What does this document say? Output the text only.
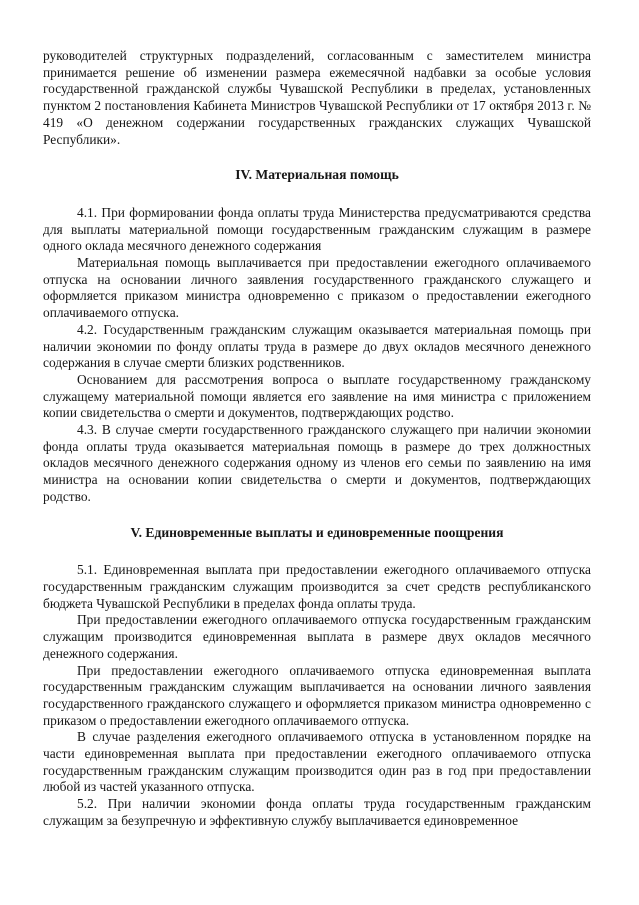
руководителей структурных подразделений, согласованным с заместителем министра принимается решение об изменении размера ежемесячной надбавки за особые условия государственной гражданской службы Чувашской Республики в пределах, установленных пунктом 2 постановления Кабинета Министров Чувашской Республики от 17 октября 2013 г. № 419 «О денежном содержании государственных гражданских служащих Чувашской Республики».

IV. Материальная помощь

4.1. При формировании фонда оплаты труда Министерства предусматриваются средства для выплаты материальной помощи государственным гражданским служащим в размере одного оклада месячного денежного содержания

Материальная помощь выплачивается при предоставлении ежегодного оплачиваемого отпуска на основании личного заявления государственного гражданского служащего и оформляется приказом министра одновременно с приказом о предоставлении ежегодного оплачиваемого отпуска.

4.2. Государственным гражданским служащим оказывается материальная помощь при наличии экономии по фонду оплаты труда в размере до двух окладов месячного денежного содержания в случае смерти близких родственников.

Основанием для рассмотрения вопроса о выплате государственному гражданскому служащему материальной помощи является его заявление на имя министра с приложением копии свидетельства о смерти и документов, подтверждающих родство.

4.3. В случае смерти государственного гражданского служащего при наличии экономии фонда оплаты труда оказывается материальная помощь в размере до трех должностных окладов месячного денежного содержания одному из членов его семьи по заявлению на имя министра на основании копии свидетельства о смерти и документов, подтверждающих родство.

V. Единовременные выплаты и единовременные поощрения

5.1. Единовременная выплата при предоставлении ежегодного оплачиваемого отпуска государственным гражданским служащим производится за счет средств республиканского бюджета Чувашской Республики в пределах фонда оплаты труда.

При предоставлении ежегодного оплачиваемого отпуска государственным гражданским служащим производится единовременная выплата в размере двух окладов месячного денежного содержания.

При предоставлении ежегодного оплачиваемого отпуска единовременная выплата государственным гражданским служащим выплачивается на основании личного заявления государственного гражданского служащего и оформляется приказом министра одновременно с приказом о предоставлении ежегодного оплачиваемого отпуска.

В случае разделения ежегодного оплачиваемого отпуска в установленном порядке на части единовременная выплата при предоставлении ежегодного оплачиваемого отпуска государственным гражданским служащим производится один раз в год при предоставлении любой из частей указанного отпуска.

5.2. При наличии экономии фонда оплаты труда государственным гражданским служащим за безупречную и эффективную службу выплачивается единовременное
